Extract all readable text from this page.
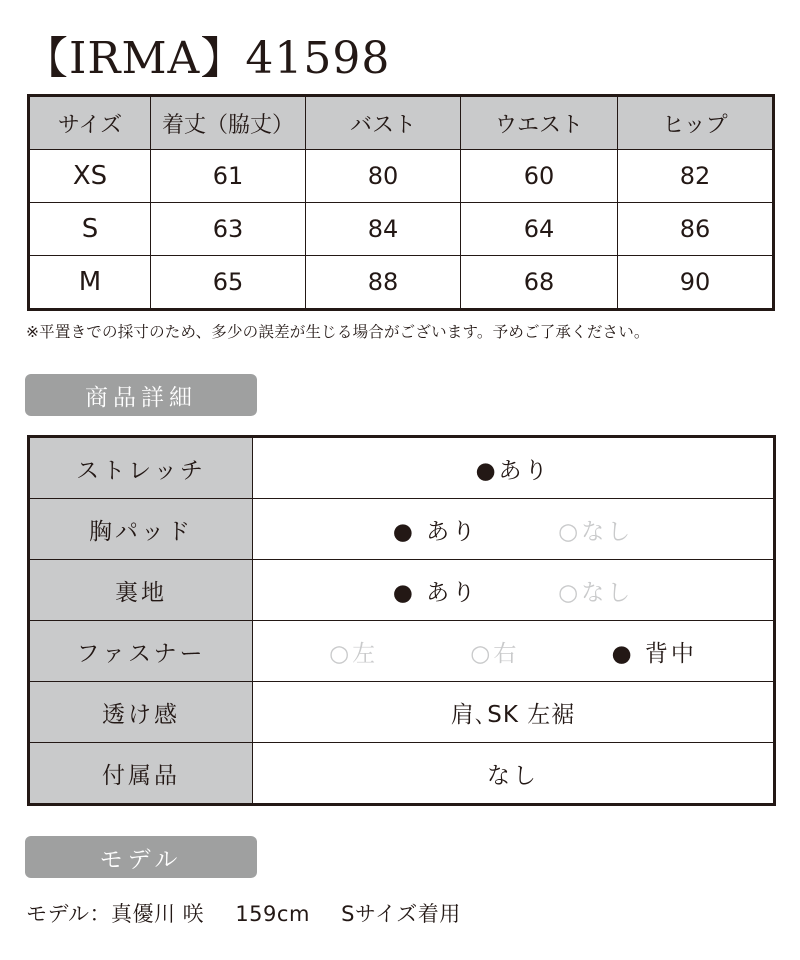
【IRMA】41598
サイズ	着丈（脇丈）	バスト	ウエスト	ヒップ
XS	61	80	60	82
S	63	84	64	86
M	65	88	68	90
※平置きでの採寸のため、多少の誤差が生じる場合がございます。予めご了承ください。
商品詳細
ストレッチ	●あり

胸パッド	● あり ○なし

裏地	● あり ○なし

ファスナー	○左 ○右 ● 背中

透け感	肩､SK 左裾

付属品	なし
モデル
モデル：真優川 咲 159cm Sサイズ着用
